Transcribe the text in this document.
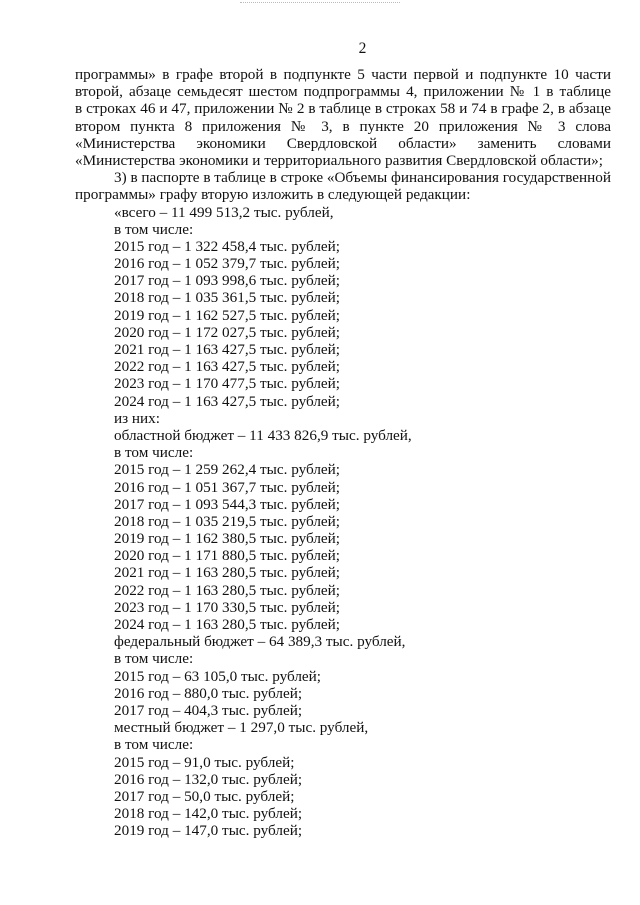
2
программы» в графе второй в подпункте 5 части первой и подпункте 10 части
второй, абзаце семьдесят шестом подпрограммы 4, приложении № 1 в таблице
в строках 46 и 47, приложении № 2 в таблице в строках 58 и 74 в графе 2, в абзаце
втором пункта 8 приложения № 3, в пункте 20 приложения № 3 слова
«Министерства экономики Свердловской области» заменить словами
«Министерства экономики и территориального развития Свердловской области»;
3) в паспорте в таблице в строке «Объемы финансирования государственной
программы» графу вторую изложить в следующей редакции:
«всего – 11 499 513,2 тыс. рублей,
в том числе:
2015 год – 1 322 458,4 тыс. рублей;
2016 год – 1 052 379,7 тыс. рублей;
2017 год – 1 093 998,6 тыс. рублей;
2018 год – 1 035 361,5 тыс. рублей;
2019 год – 1 162 527,5 тыс. рублей;
2020 год – 1 172 027,5 тыс. рублей;
2021 год – 1 163 427,5 тыс. рублей;
2022 год – 1 163 427,5 тыс. рублей;
2023 год – 1 170 477,5 тыс. рублей;
2024 год – 1 163 427,5 тыс. рублей;
из них:
областной бюджет – 11 433 826,9 тыс. рублей,
в том числе:
2015 год – 1 259 262,4 тыс. рублей;
2016 год – 1 051 367,7 тыс. рублей;
2017 год – 1 093 544,3 тыс. рублей;
2018 год – 1 035 219,5 тыс. рублей;
2019 год – 1 162 380,5 тыс. рублей;
2020 год – 1 171 880,5 тыс. рублей;
2021 год – 1 163 280,5 тыс. рублей;
2022 год – 1 163 280,5 тыс. рублей;
2023 год – 1 170 330,5 тыс. рублей;
2024 год – 1 163 280,5 тыс. рублей;
федеральный бюджет – 64 389,3 тыс. рублей,
в том числе:
2015 год – 63 105,0 тыс. рублей;
2016 год – 880,0 тыс. рублей;
2017 год – 404,3 тыс. рублей;
местный бюджет – 1 297,0 тыс. рублей,
в том числе:
2015 год – 91,0 тыс. рублей;
2016 год – 132,0 тыс. рублей;
2017 год – 50,0 тыс. рублей;
2018 год – 142,0 тыс. рублей;
2019 год – 147,0 тыс. рублей;
